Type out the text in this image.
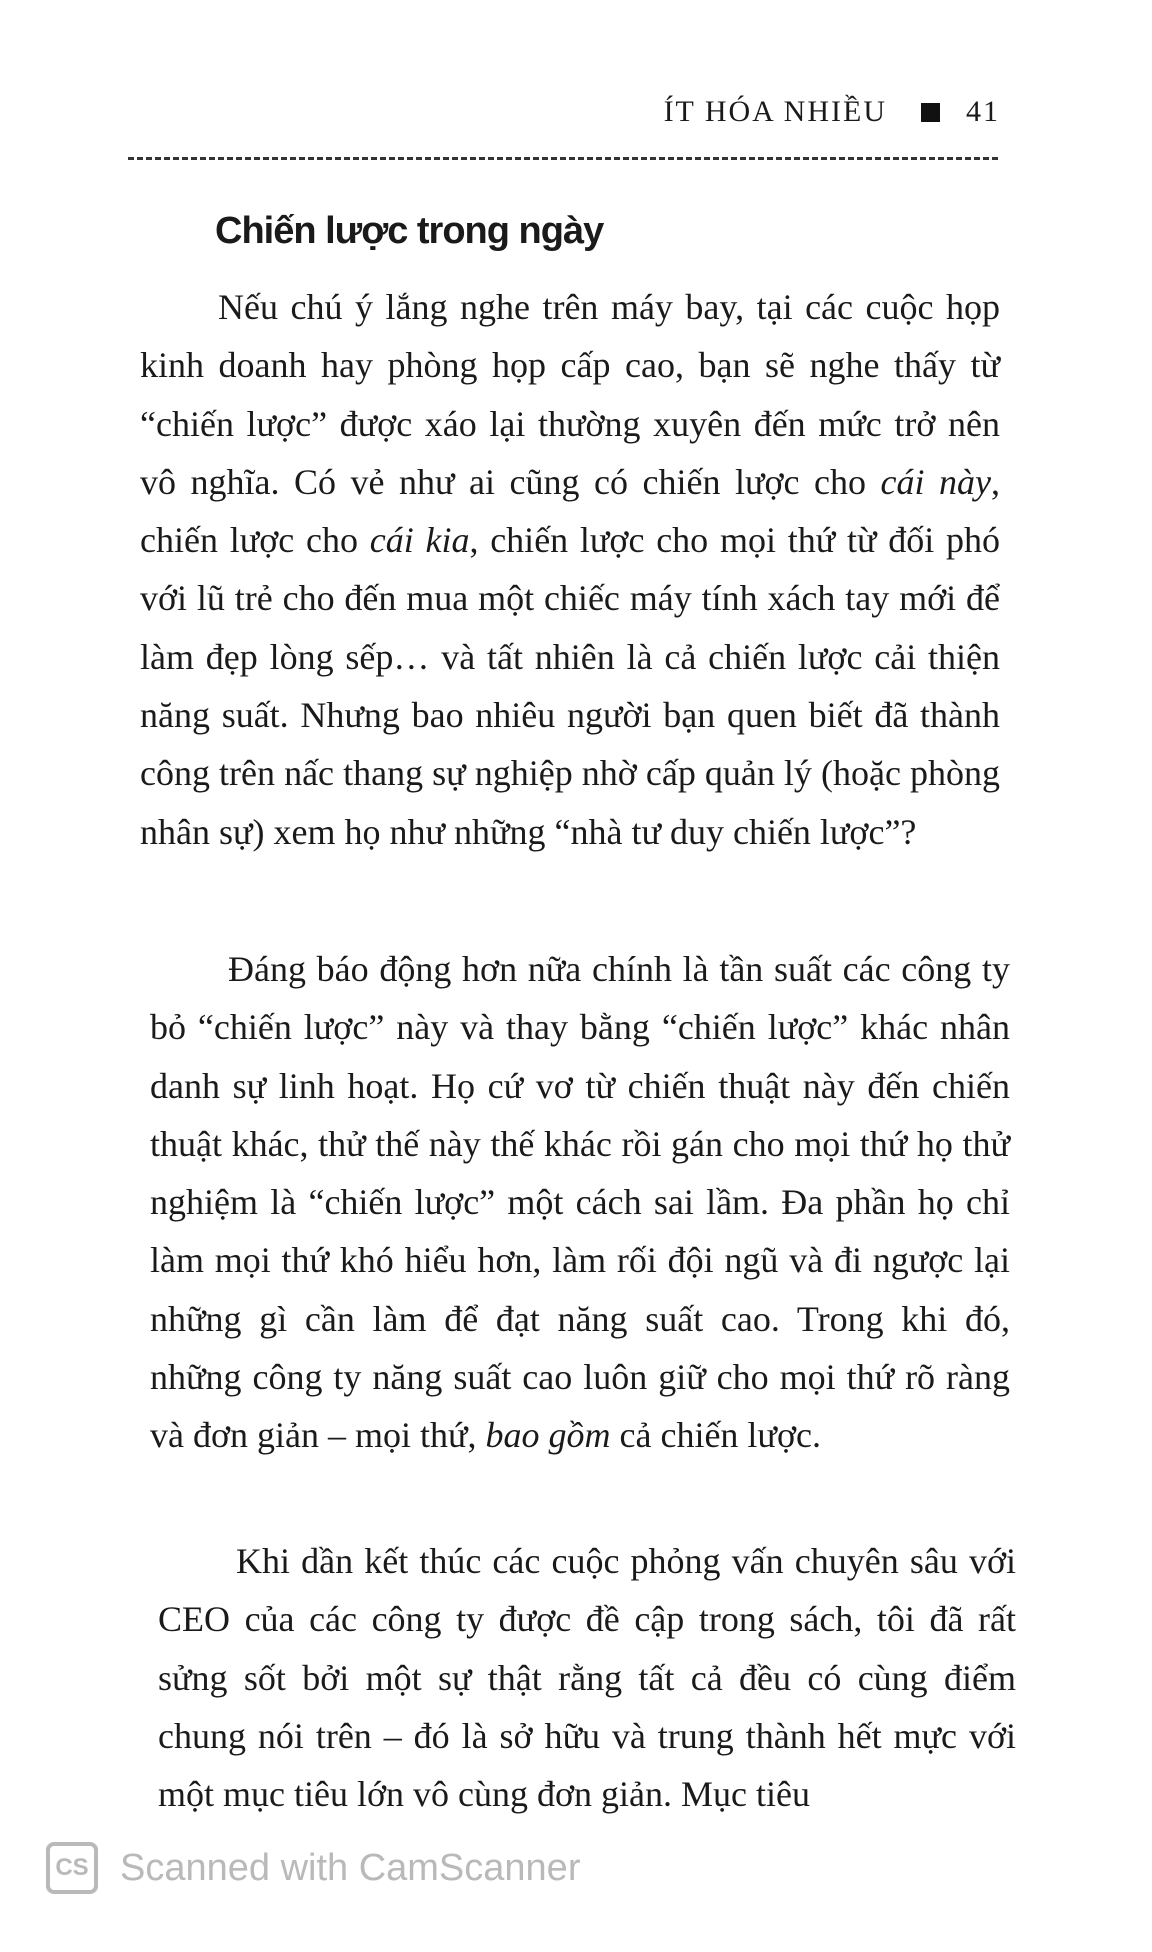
ÍT HÓA NHIỀU	41
Chiến lược trong ngày

Nếu chú ý lắng nghe trên máy bay, tại các cuộc họp kinh doanh hay phòng họp cấp cao, bạn sẽ nghe thấy từ “chiến lược” được xáo lại thường xuyên đến mức trở nên vô nghĩa. Có vẻ như ai cũng có chiến lược cho cái này, chiến lược cho cái kia, chiến lược cho mọi thứ từ đối phó với lũ trẻ cho đến mua một chiếc máy tính xách tay mới để làm đẹp lòng sếp… và tất nhiên là cả chiến lược cải thiện năng suất. Nhưng bao nhiêu người bạn quen biết đã thành công trên nấc thang sự nghiệp nhờ cấp quản lý (hoặc phòng nhân sự) xem họ như những “nhà tư duy chiến lược”?

Đáng báo động hơn nữa chính là tần suất các công ty bỏ “chiến lược” này và thay bằng “chiến lược” khác nhân danh sự linh hoạt. Họ cứ vơ từ chiến thuật này đến chiến thuật khác, thử thế này thế khác rồi gán cho mọi thứ họ thử nghiệm là “chiến lược” một cách sai lầm. Đa phần họ chỉ làm mọi thứ khó hiểu hơn, làm rối đội ngũ và đi ngược lại những gì cần làm để đạt năng suất cao. Trong khi đó, những công ty năng suất cao luôn giữ cho mọi thứ rõ ràng và đơn giản – mọi thứ, bao gồm cả chiến lược.

Khi dần kết thúc các cuộc phỏng vấn chuyên sâu với CEO của các công ty được đề cập trong sách, tôi đã rất sửng sốt bởi một sự thật rằng tất cả đều có cùng điểm chung nói trên – đó là sở hữu và trung thành hết mực với một mục tiêu lớn vô cùng đơn giản. Mục tiêu

CS Scanned with CamScanner
